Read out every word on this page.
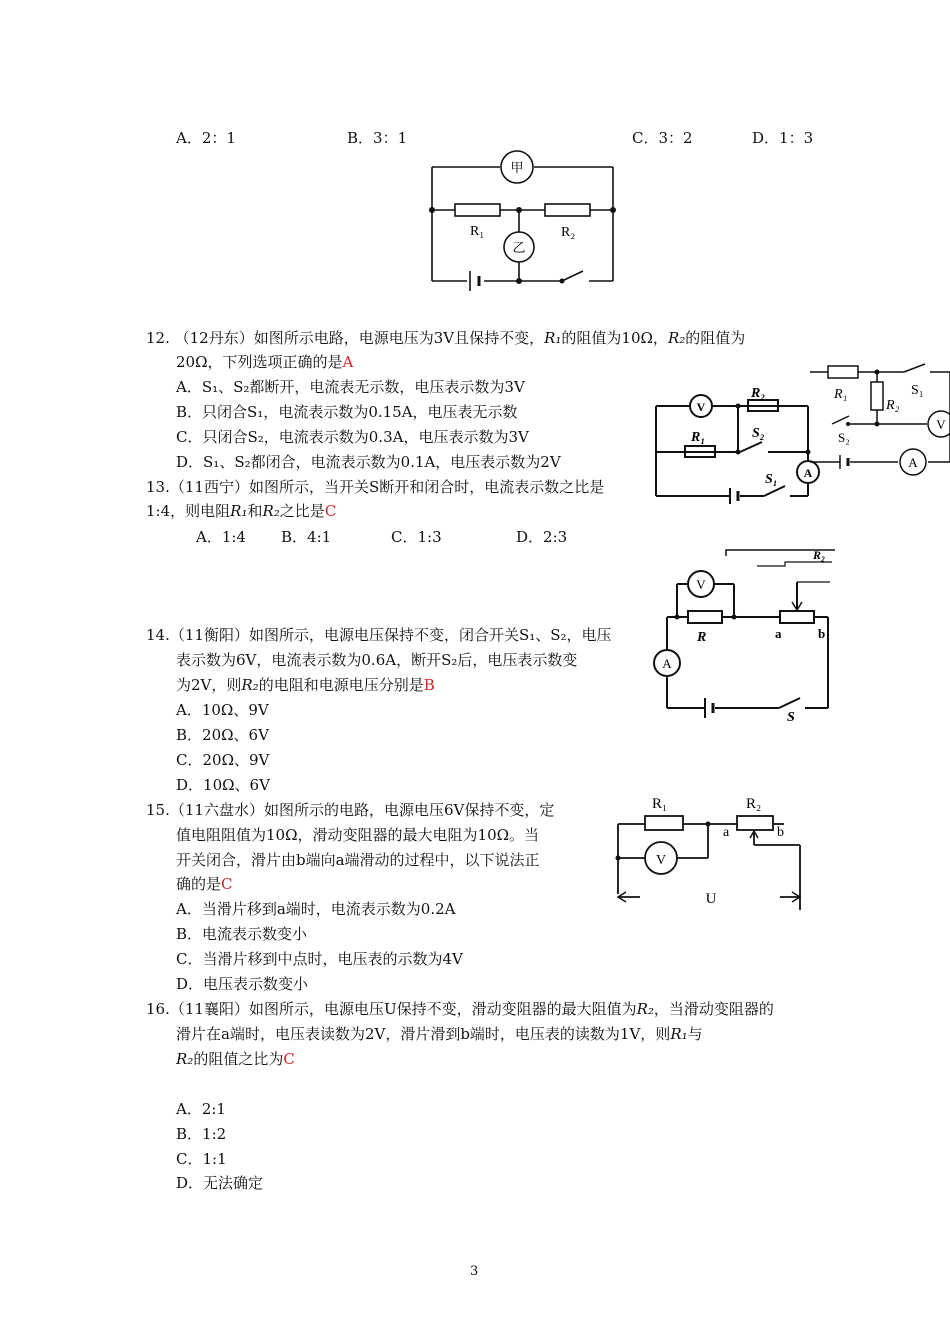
A．2：1	B．3：1	C．3：2	D．1：3
甲
乙
R₁	R₂
12. （12丹东）如图所示电路，电源电压为3V且保持不变，R₁的阻值为10Ω，R₂的阻值为
20Ω，下列选项正确的是A
A．S₁、S₂都断开，电流表无示数，电压表示数为3V
B．只闭合S₁，电流表示数为0.15A，电压表无示数
C．只闭合S₂，电流表示数为0.3A，电压表示数为3V
D．S₁、S₂都闭合，电流表示数为0.1A，电压表示数为2V
R₁
R₂
S₁
S₂
V
A
13.（11西宁）如图所示，当开关S断开和闭合时，电流表示数之比是
1:4，则电阻R₁和R₂之比是C
A．1:4 B．4:1	C．1:3	D．2:3
V
A
R₂
R₁	S₂
S₁
14.（11衡阳）如图所示，电源电压保持不变，闭合开关S₁、S₂，电压
表示数为6V，电流表示数为0.6A，断开S₂后，电压表示数变
为2V，则R₂的电阻和电源电压分别是B
A．10Ω、9V
B．20Ω、6V
C．20Ω、9V
D．10Ω、6V
R₂
V
A
R	a	b
S
15.（11六盘水）如图所示的电路，电源电压6V保持不变，定
值电阻阻值为10Ω，滑动变阻器的最大电阻为10Ω。当
开关闭合，滑片由b端向a端滑动的过程中，以下说法正
确的是C
A．当滑片移到a端时，电流表示数为0.2A
B．电流表示数变小
C．当滑片移到中点时，电压表的示数为4V
D．电压表示数变小
R₁	R₂
a	b
V
U
16.（11襄阳）如图所示，电源电压U保持不变，滑动变阻器的最大阻值为R₂，当滑动变阻器的
滑片在a端时，电压表读数为2V，滑片滑到b端时，电压表的读数为1V，则R₁与
R₂的阻值之比为C
A．2:1
B．1:2
C．1:1
D．无法确定
3
